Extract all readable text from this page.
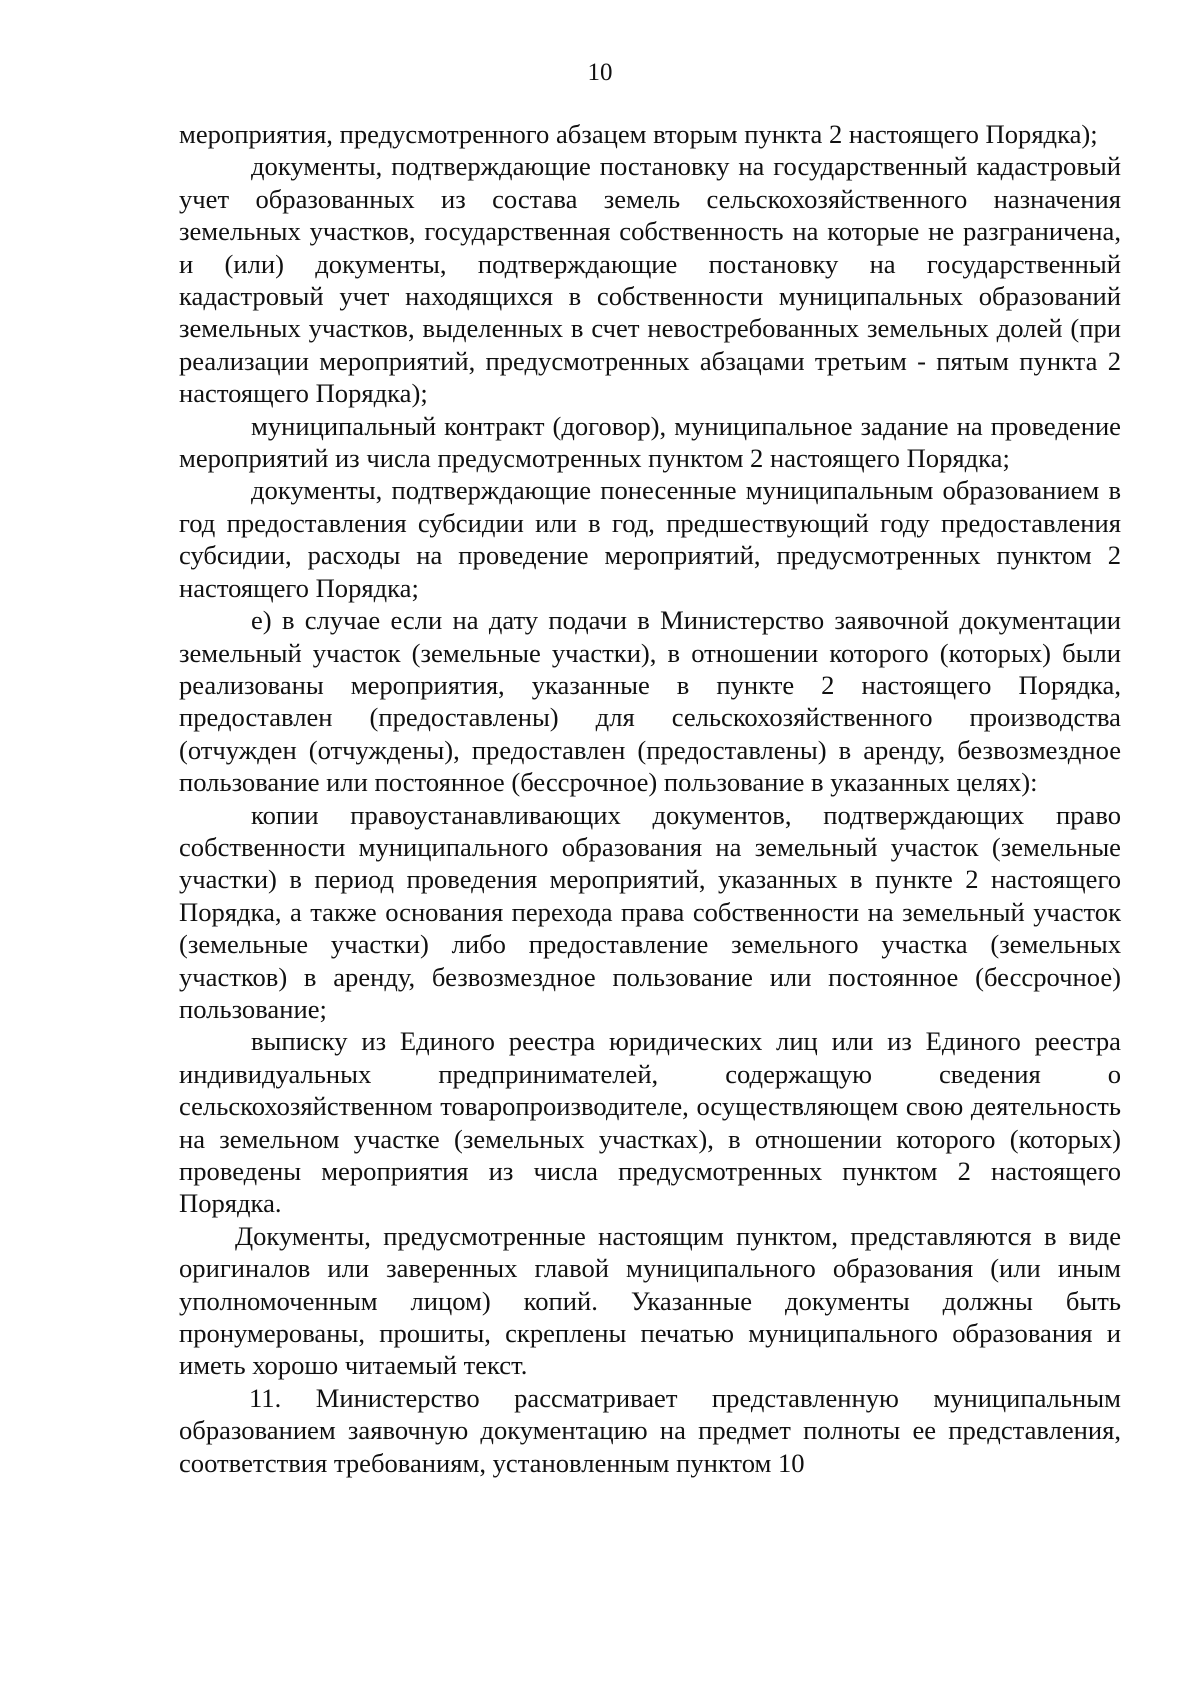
10

мероприятия, предусмотренного абзацем вторым пункта 2 настоящего Порядка);

документы, подтверждающие постановку на государственный кадастровый учет образованных из состава земель сельскохозяйственного назначения земельных участков, государственная собственность на которые не разграничена, и (или) документы, подтверждающие постановку на государственный кадастровый учет находящихся в собственности муниципальных образований земельных участков, выделенных в счет невостребованных земельных долей (при реализации мероприятий, предусмотренных абзацами третьим - пятым пункта 2 настоящего Порядка);

муниципальный контракт (договор), муниципальное задание на проведение мероприятий из числа предусмотренных пунктом 2 настоящего Порядка;

документы, подтверждающие понесенные муниципальным образованием в год предоставления субсидии или в год, предшествующий году предоставления субсидии, расходы на проведение мероприятий, предусмотренных пунктом 2 настоящего Порядка;

е) в случае если на дату подачи в Министерство заявочной документации земельный участок (земельные участки), в отношении которого (которых) были реализованы мероприятия, указанные в пункте 2 настоящего Порядка, предоставлен (предоставлены) для сельскохозяйственного производства (отчужден (отчуждены), предоставлен (предоставлены) в аренду, безвозмездное пользование или постоянное (бессрочное) пользование в указанных целях):

копии правоустанавливающих документов, подтверждающих право собственности муниципального образования на земельный участок (земельные участки) в период проведения мероприятий, указанных в пункте 2 настоящего Порядка, а также основания перехода права собственности на земельный участок (земельные участки) либо предоставление земельного участка (земельных участков) в аренду, безвозмездное пользование или постоянное (бессрочное) пользование;

выписку из Единого реестра юридических лиц или из Единого реестра индивидуальных предпринимателей, содержащую сведения о сельскохозяйственном товаропроизводителе, осуществляющем свою деятельность на земельном участке (земельных участках), в отношении которого (которых) проведены мероприятия из числа предусмотренных пунктом 2 настоящего Порядка.

Документы, предусмотренные настоящим пунктом, представляются в виде оригиналов или заверенных главой муниципального образования (или иным уполномоченным лицом) копий. Указанные документы должны быть пронумерованы, прошиты, скреплены печатью муниципального образования и иметь хорошо читаемый текст.

11. Министерство рассматривает представленную муниципальным образованием заявочную документацию на предмет полноты ее представления, соответствия требованиям, установленным пунктом 10
